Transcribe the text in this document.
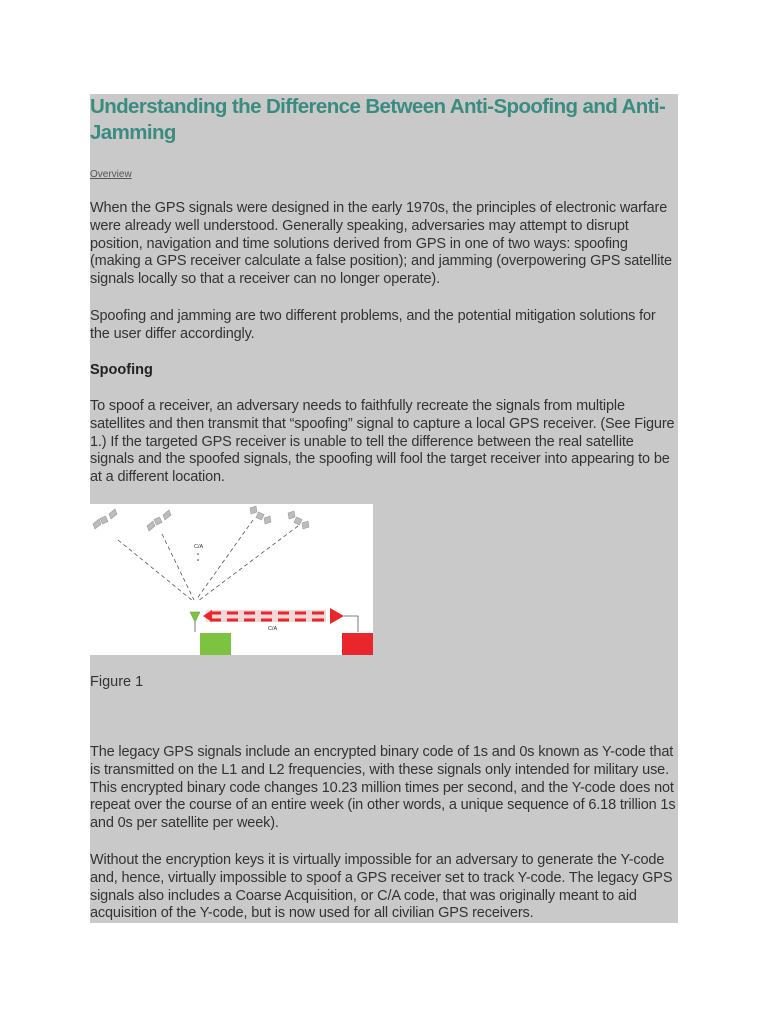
Understanding the Difference Between Anti-Spoofing and Anti-Jamming
Overview

When the GPS signals were designed in the early 1970s, the principles of electronic warfare were already well understood. Generally speaking, adversaries may attempt to disrupt position, navigation and time solutions derived from GPS in one of two ways: spoofing (making a GPS receiver calculate a false position); and jamming (overpowering GPS satellite signals locally so that a receiver can no longer operate).

Spoofing and jamming are two different problems, and the potential mitigation solutions for the user differ accordingly.

Spoofing

To spoof a receiver, an adversary needs to faithfully recreate the signals from multiple satellites and then transmit that “spoofing” signal to capture a local GPS receiver. (See Figure 1.) If the targeted GPS receiver is unable to tell the difference between the real satellite signals and the spoofed signals, the spoofing will fool the target receiver into appearing to be at a different location.

C/A
C/A
Figure 1

The legacy GPS signals include an encrypted binary code of 1s and 0s known as Y-code that is transmitted on the L1 and L2 frequencies, with these signals only intended for military use. This encrypted binary code changes 10.23 million times per second, and the Y-code does not repeat over the course of an entire week (in other words, a unique sequence of 6.18 trillion 1s and 0s per satellite per week).

Without the encryption keys it is virtually impossible for an adversary to generate the Y-code and, hence, virtually impossible to spoof a GPS receiver set to track Y-code. The legacy GPS signals also includes a Coarse Acquisition, or C/A code, that was originally meant to aid acquisition of the Y-code, but is now used for all civilian GPS receivers.
